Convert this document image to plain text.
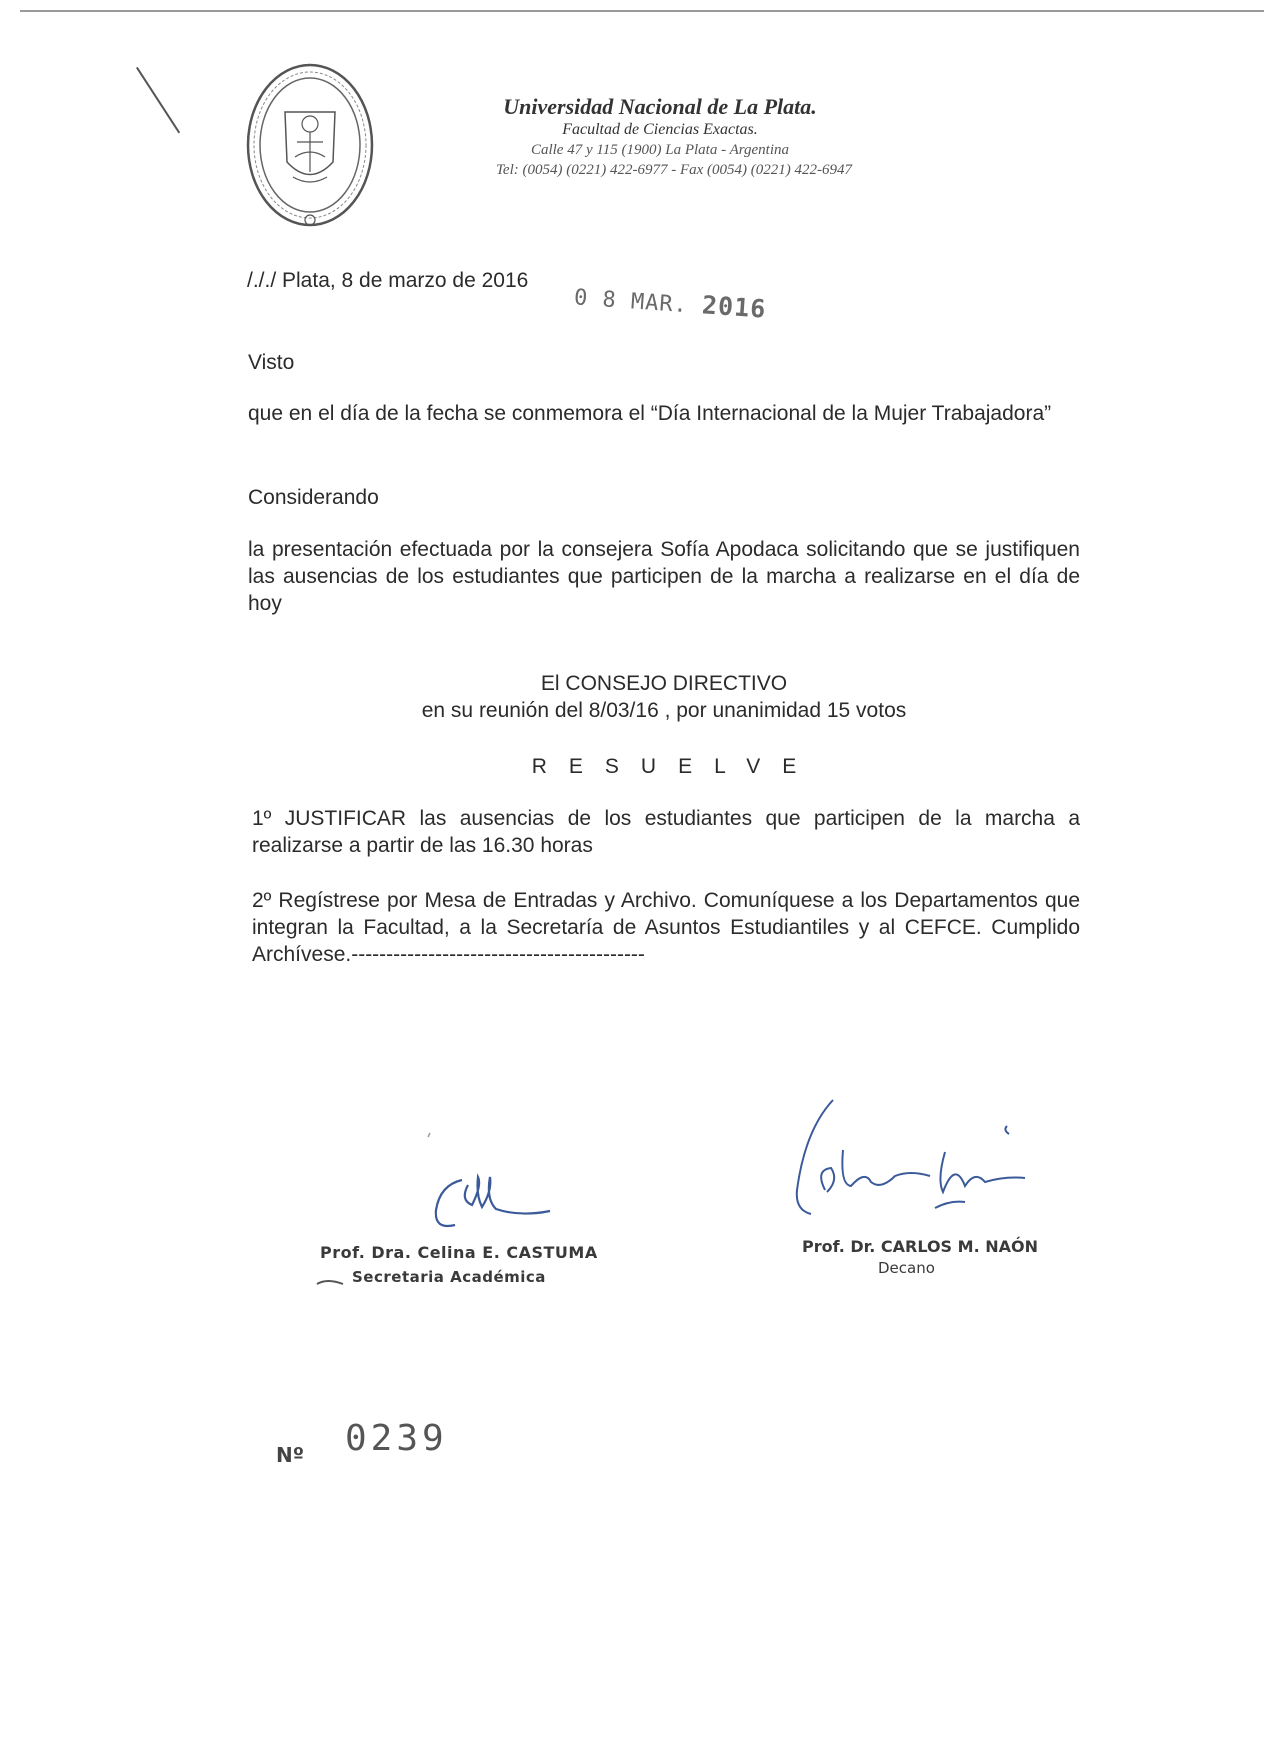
Universidad Nacional de La Plata.
Facultad de Ciencias Exactas.
Calle 47 y 115 (1900) La Plata - Argentina
Tel: (0054) (0221) 422-6977 - Fax (0054) (0221) 422-6947
/././ Plata, 8 de marzo de 2016
0 8 MAR. 2016
Visto
que en el día de la fecha se conmemora el “Día Internacional de la Mujer Trabajadora”
Considerando
la presentación efectuada por la consejera Sofía Apodaca solicitando que se justifiquen las ausencias de los estudiantes que participen de la marcha a realizarse en el día de hoy
El CONSEJO DIRECTIVO
en su reunión del 8/03/16 , por unanimidad 15 votos
RESUELVE
1º JUSTIFICAR las ausencias de los estudiantes que participen de la marcha a realizarse a partir de las 16.30 horas
2º Regístrese por Mesa de Entradas y Archivo. Comuníquese a los Departamentos que integran la Facultad, a la Secretaría de Asuntos Estudiantiles y al CEFCE. Cumplido Archívese.------------------------------------------
Prof. Dra. Celina E. CASTUMA
Secretaria Académica
Prof. Dr. CARLOS M. NAÓN
Decano
Nº 0239
